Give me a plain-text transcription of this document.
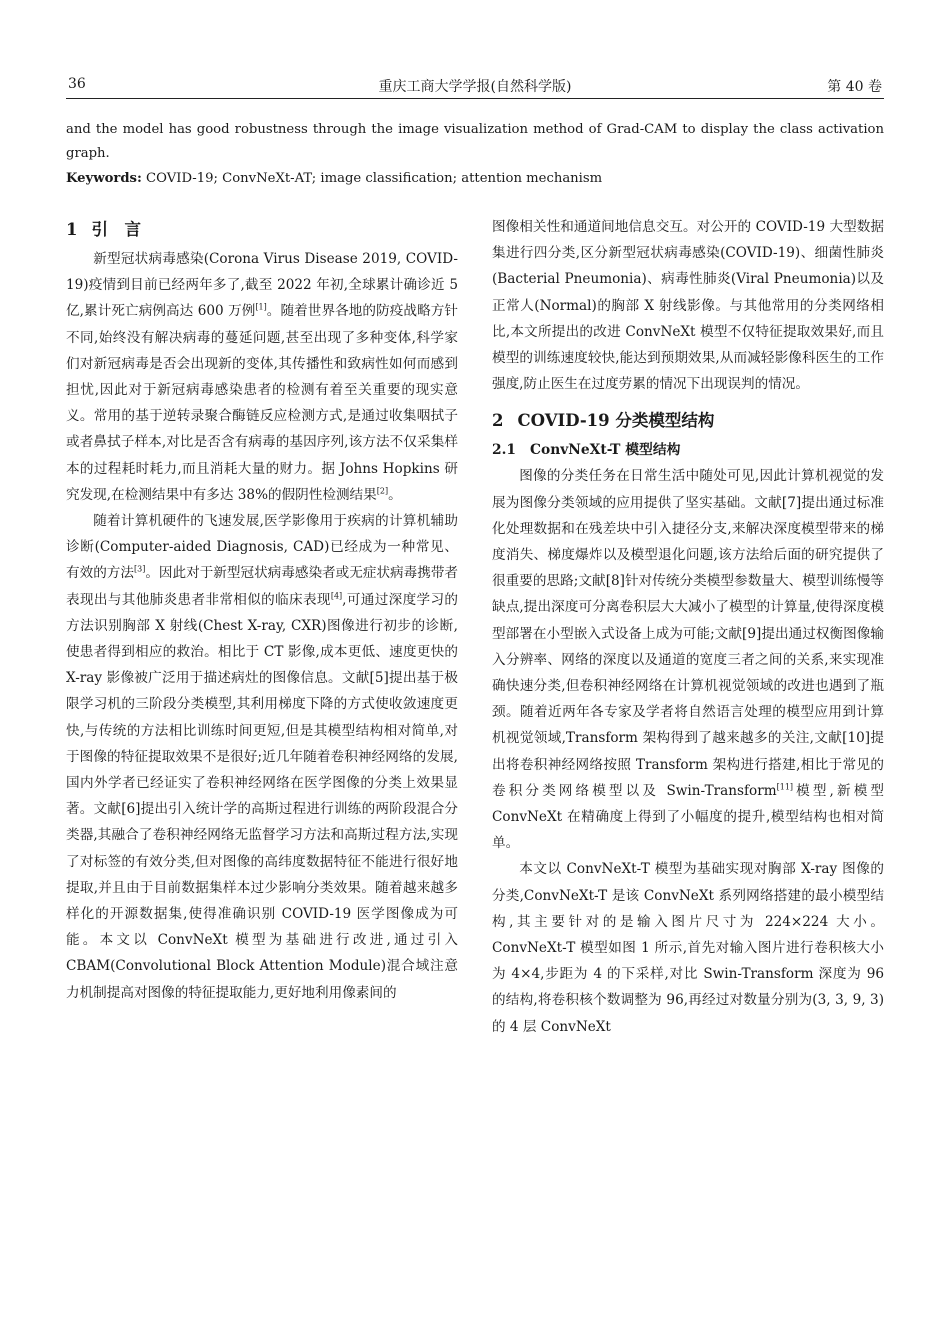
36	重庆工商大学学报(自然科学版)	第 40 卷
and the model has good robustness through the image visualization method of Grad-CAM to display the class activation graph.
Keywords: COVID-19; ConvNeXt-AT; image classification; attention mechanism
1 引　言

新型冠状病毒感染(Corona Virus Disease 2019, COVID-19)疫情到目前已经两年多了,截至 2022 年初,全球累计确诊近 5 亿,累计死亡病例高达 600 万例[1]。随着世界各地的防疫战略方针不同,始终没有解决病毒的蔓延问题,甚至出现了多种变体,科学家们对新冠病毒是否会出现新的变体,其传播性和致病性如何而感到担忧,因此对于新冠病毒感染患者的检测有着至关重要的现实意义。常用的基于逆转录聚合酶链反应检测方式,是通过收集咽拭子或者鼻拭子样本,对比是否含有病毒的基因序列,该方法不仅采集样本的过程耗时耗力,而且消耗大量的财力。据 Johns Hopkins 研究发现,在检测结果中有多达 38%的假阴性检测结果[2]。

随着计算机硬件的飞速发展,医学影像用于疾病的计算机辅助诊断(Computer-aided Diagnosis, CAD)已经成为一种常见、有效的方法[3]。因此对于新型冠状病毒感染者或无症状病毒携带者表现出与其他肺炎患者非常相似的临床表现[4],可通过深度学习的方法识别胸部 X 射线(Chest X-ray, CXR)图像进行初步的诊断,使患者得到相应的救治。相比于 CT 影像,成本更低、速度更快的 X-ray 影像被广泛用于描述病灶的图像信息。文献[5]提出基于极限学习机的三阶段分类模型,其利用梯度下降的方式使收敛速度更快,与传统的方法相比训练时间更短,但是其模型结构相对简单,对于图像的特征提取效果不是很好;近几年随着卷积神经网络的发展,国内外学者已经证实了卷积神经网络在医学图像的分类上效果显著。文献[6]提出引入统计学的高斯过程进行训练的两阶段混合分类器,其融合了卷积神经网络无监督学习方法和高斯过程方法,实现了对标签的有效分类,但对图像的高纬度数据特征不能进行很好地提取,并且由于目前数据集样本过少影响分类效果。随着越来越多样化的开源数据集,使得准确识别 COVID-19 医学图像成为可能。本文以 ConvNeXt 模型为基础进行改进,通过引入 CBAM(Convolutional Block Attention Module)混合域注意力机制提高对图像的特征提取能力,更好地利用像素间的

图像相关性和通道间地信息交互。对公开的 COVID-19 大型数据集进行四分类,区分新型冠状病毒感染(COVID-19)、细菌性肺炎(Bacterial Pneumonia)、病毒性肺炎(Viral Pneumonia)以及正常人(Normal)的胸部 X 射线影像。与其他常用的分类网络相比,本文所提出的改进 ConvNeXt 模型不仅特征提取效果好,而且模型的训练速度较快,能达到预期效果,从而减轻影像科医生的工作强度,防止医生在过度劳累的情况下出现误判的情况。

2 COVID-19 分类模型结构
2.1 ConvNeXt-T 模型结构

图像的分类任务在日常生活中随处可见,因此计算机视觉的发展为图像分类领域的应用提供了坚实基础。文献[7]提出通过标准化处理数据和在残差块中引入捷径分支,来解决深度模型带来的梯度消失、梯度爆炸以及模型退化问题,该方法给后面的研究提供了很重要的思路;文献[8]针对传统分类模型参数量大、模型训练慢等缺点,提出深度可分离卷积层大大减小了模型的计算量,使得深度模型部署在小型嵌入式设备上成为可能;文献[9]提出通过权衡图像输入分辨率、网络的深度以及通道的宽度三者之间的关系,来实现准确快速分类,但卷积神经网络在计算机视觉领域的改进也遇到了瓶颈。随着近两年各专家及学者将自然语言处理的模型应用到计算机视觉领域,Transform 架构得到了越来越多的关注,文献[10]提出将卷积神经网络按照 Transform 架构进行搭建,相比于常见的卷积分类网络模型以及 Swin-Transform[11]模型,新模型 ConvNeXt 在精确度上得到了小幅度的提升,模型结构也相对简单。

本文以 ConvNeXt-T 模型为基础实现对胸部 X-ray 图像的分类,ConvNeXt-T 是该 ConvNeXt 系列网络搭建的最小模型结构,其主要针对的是输入图片尺寸为 224×224 大小。ConvNeXt-T 模型如图 1 所示,首先对输入图片进行卷积核大小为 4×4,步距为 4 的下采样,对比 Swin-Transform 深度为 96 的结构,将卷积核个数调整为 96,再经过对数量分别为(3, 3, 9, 3)的 4 层 ConvNeXt
